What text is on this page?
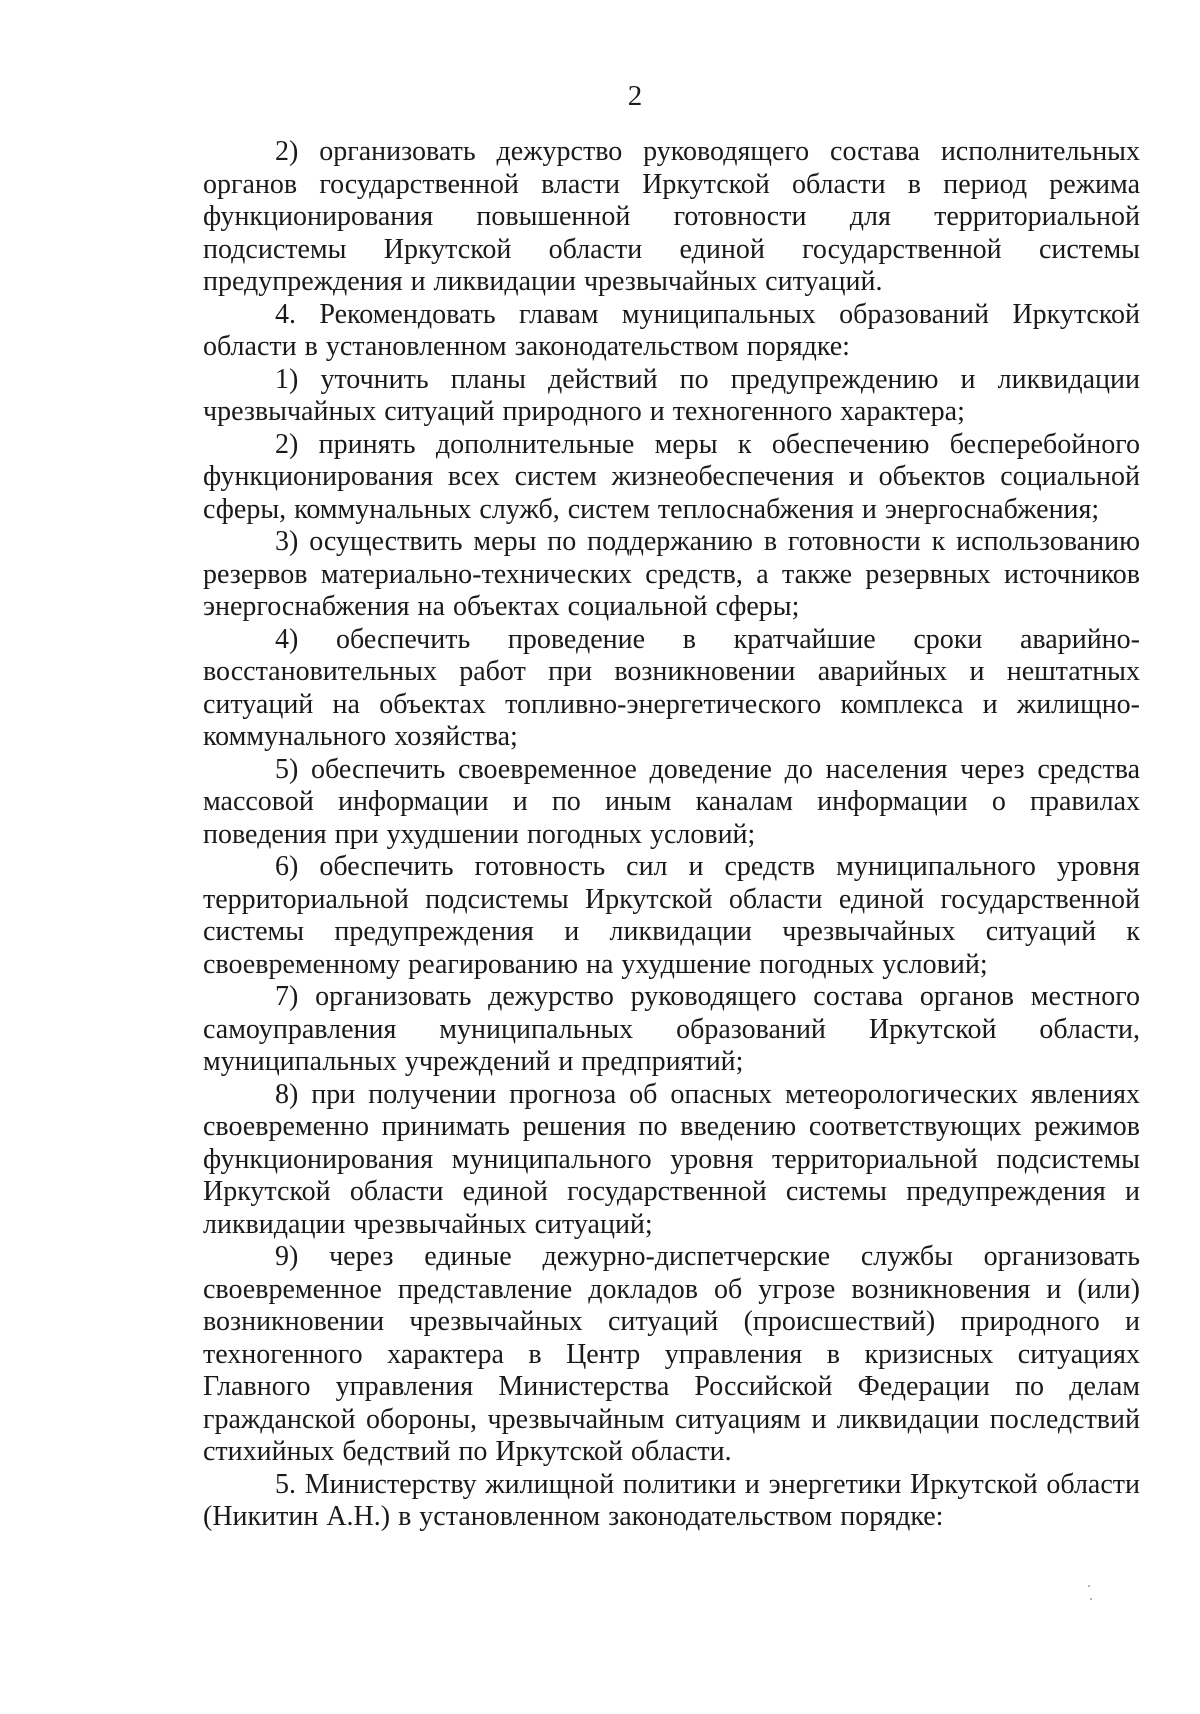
2

2) организовать дежурство руководящего состава исполнительных органов государственной власти Иркутской области в период режима функционирования повышенной готовности для территориальной подсистемы Иркутской области единой государственной системы предупреждения и ликвидации чрезвычайных ситуаций.

4. Рекомендовать главам муниципальных образований Иркутской области в установленном законодательством порядке:

1) уточнить планы действий по предупреждению и ликвидации чрезвычайных ситуаций природного и техногенного характера;

2) принять дополнительные меры к обеспечению бесперебойного функционирования всех систем жизнеобеспечения и объектов социальной сферы, коммунальных служб, систем теплоснабжения и энергоснабжения;

3) осуществить меры по поддержанию в готовности к использованию резервов материально-технических средств, а также резервных источников энергоснабжения на объектах социальной сферы;

4) обеспечить проведение в кратчайшие сроки аварийно-восстановительных работ при возникновении аварийных и нештатных ситуаций на объектах топливно-энергетического комплекса и жилищно-коммунального хозяйства;

5) обеспечить своевременное доведение до населения через средства массовой информации и по иным каналам информации о правилах поведения при ухудшении погодных условий;

6) обеспечить готовность сил и средств муниципального уровня территориальной подсистемы Иркутской области единой государственной системы предупреждения и ликвидации чрезвычайных ситуаций к своевременному реагированию на ухудшение погодных условий;

7) организовать дежурство руководящего состава органов местного самоуправления муниципальных образований Иркутской области, муниципальных учреждений и предприятий;

8) при получении прогноза об опасных метеорологических явлениях своевременно принимать решения по введению соответствующих режимов функционирования муниципального уровня территориальной подсистемы Иркутской области единой государственной системы предупреждения и ликвидации чрезвычайных ситуаций;

9) через единые дежурно-диспетчерские службы организовать своевременное представление докладов об угрозе возникновения и (или) возникновении чрезвычайных ситуаций (происшествий) природного и техногенного характера в Центр управления в кризисных ситуациях Главного управления Министерства Российской Федерации по делам гражданской обороны, чрезвычайным ситуациям и ликвидации последствий стихийных бедствий по Иркутской области.

5. Министерству жилищной политики и энергетики Иркутской области (Никитин А.Н.) в установленном законодательством порядке:
